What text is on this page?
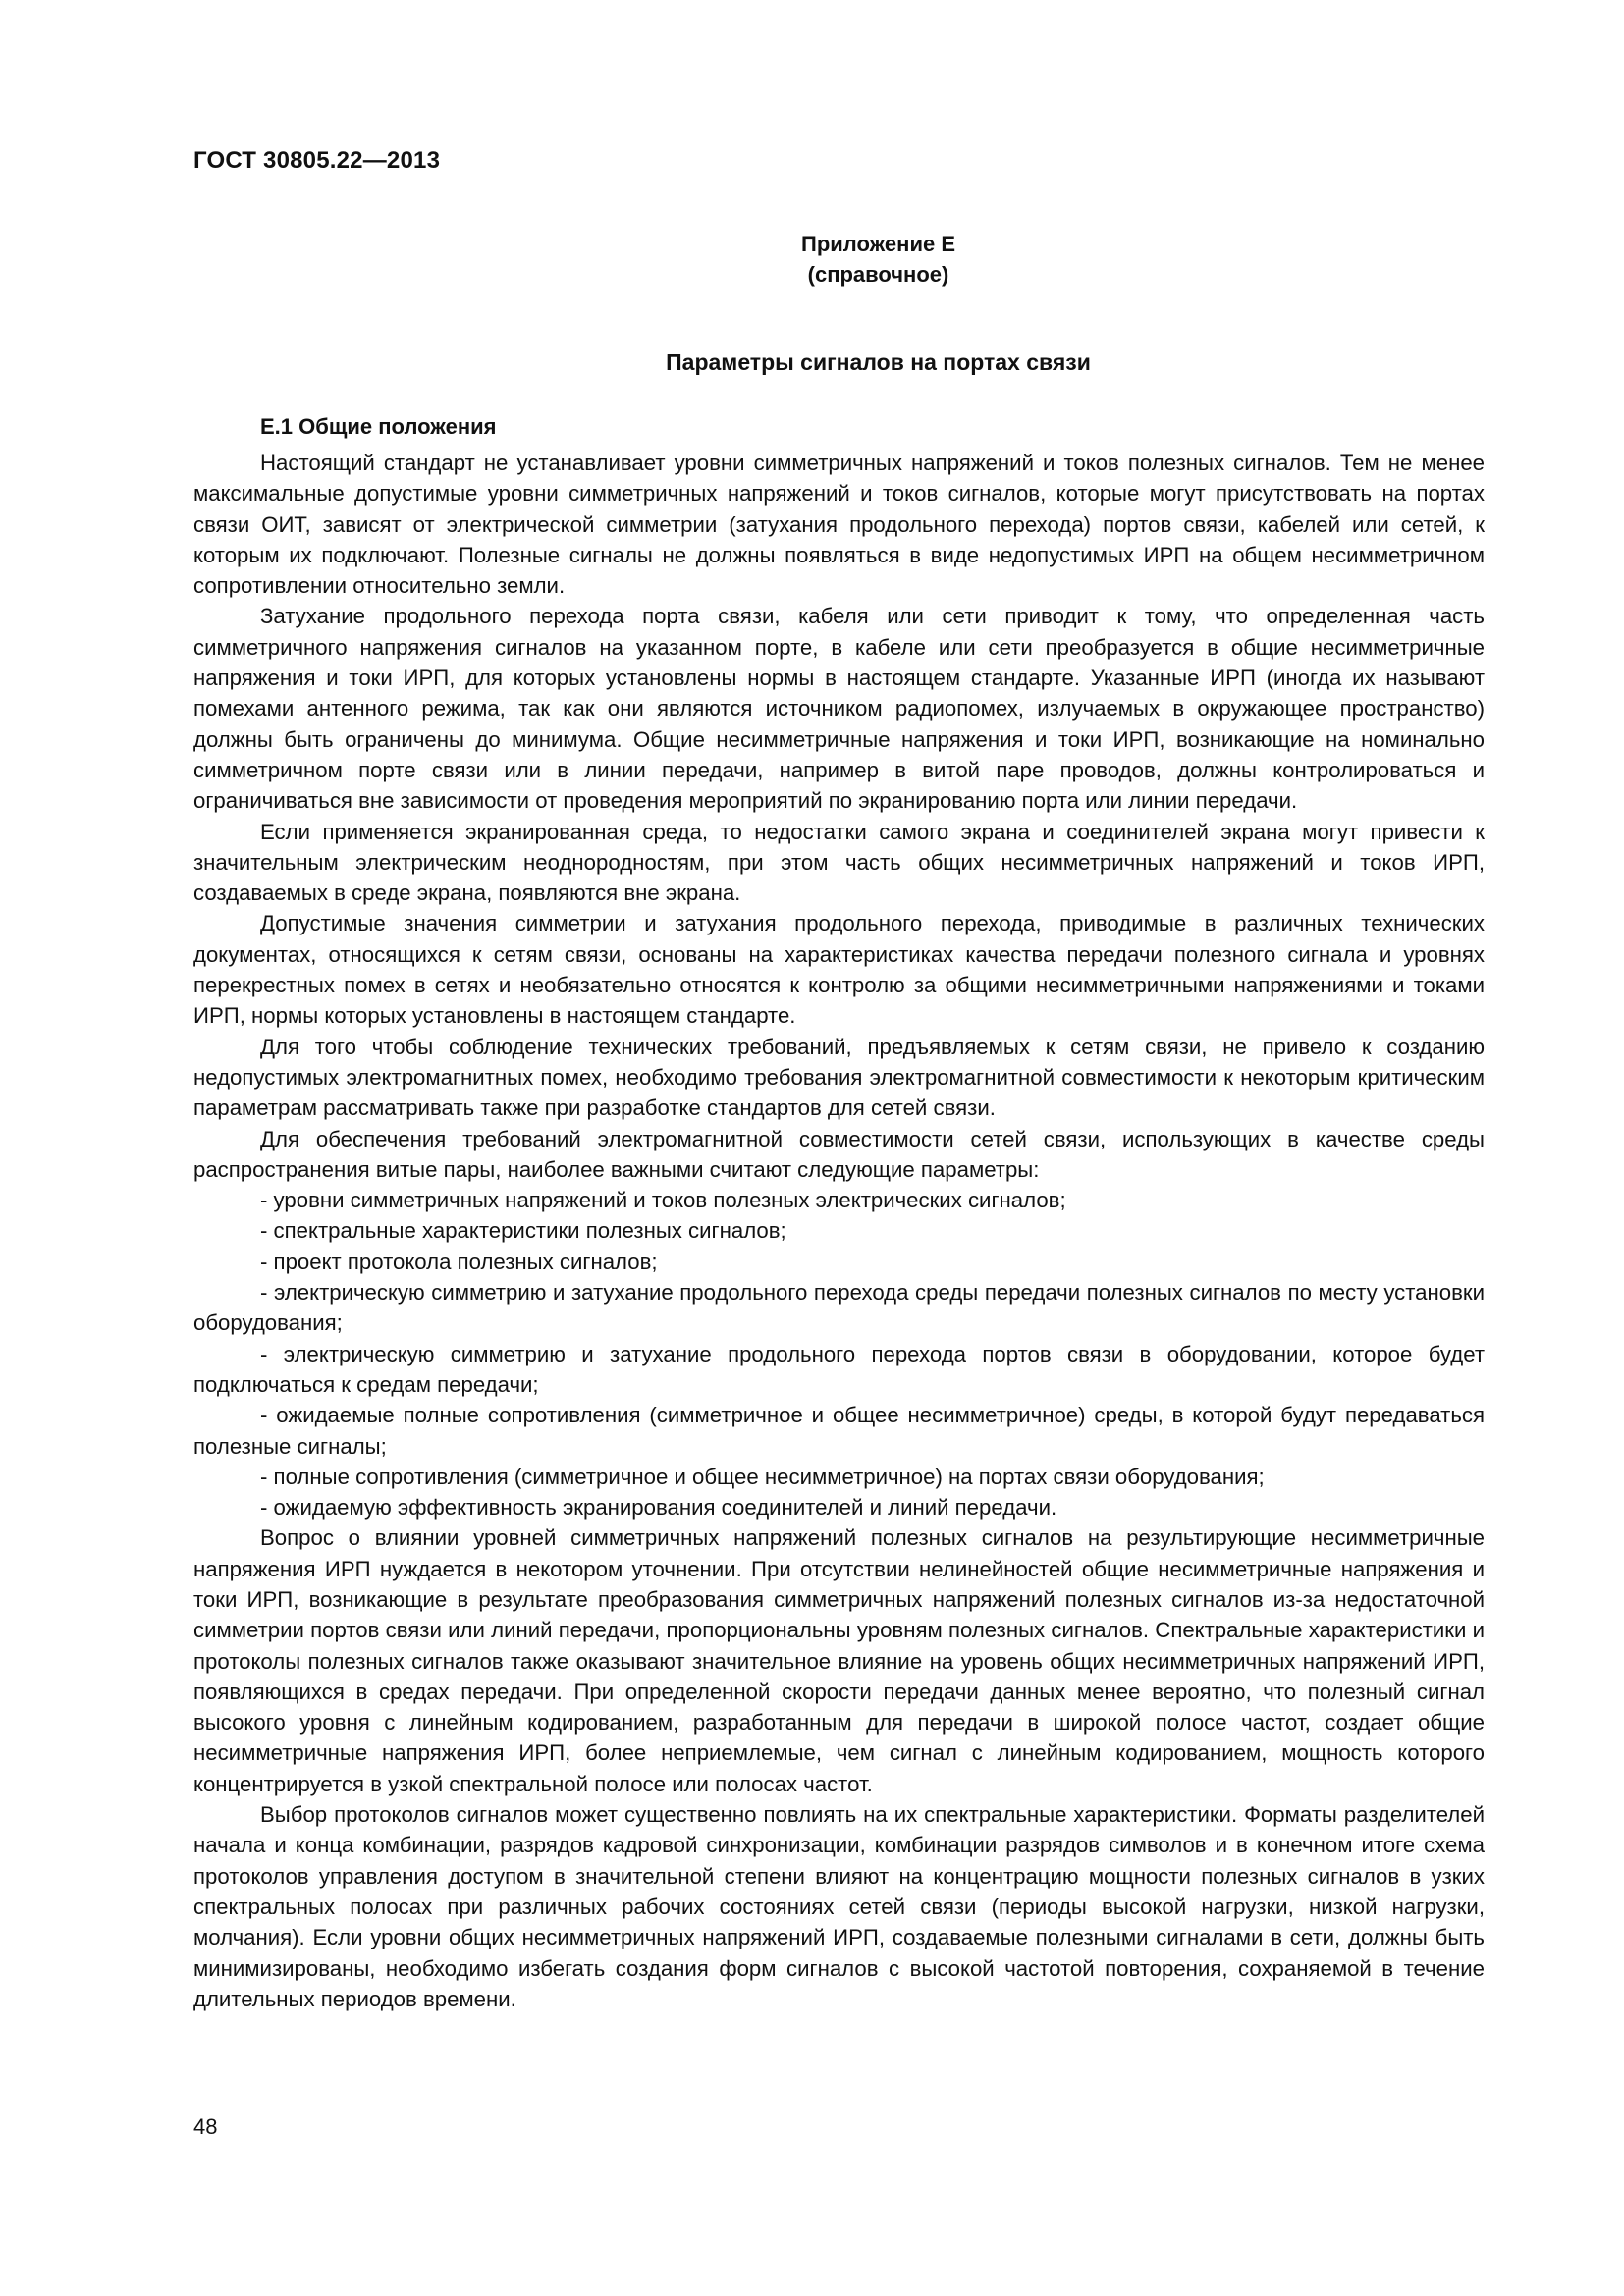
ГОСТ 30805.22—2013
Приложение Е
(справочное)
Параметры сигналов на портах связи
Е.1 Общие положения

Настоящий стандарт не устанавливает уровни симметричных напряжений и токов полезных сигналов. Тем не менее максимальные допустимые уровни симметричных напряжений и токов сигналов, которые могут присутствовать на портах связи ОИТ, зависят от электрической симметрии (затухания продольного перехода) портов связи, кабелей или сетей, к которым их подключают. Полезные сигналы не должны появляться в виде недопустимых ИРП на общем несимметричном сопротивлении относительно земли.

Затухание продольного перехода порта связи, кабеля или сети приводит к тому, что определенная часть симметричного напряжения сигналов на указанном порте, в кабеле или сети преобразуется в общие несимметричные напряжения и токи ИРП, для которых установлены нормы в настоящем стандарте. Указанные ИРП (иногда их называют помехами антенного режима, так как они являются источником радиопомех, излучаемых в окружающее пространство) должны быть ограничены до минимума. Общие несимметричные напряжения и токи ИРП, возникающие на номинально симметричном порте связи или в линии передачи, например в витой паре проводов, должны контролироваться и ограничиваться вне зависимости от проведения мероприятий по экранированию порта или линии передачи.

Если применяется экранированная среда, то недостатки самого экрана и соединителей экрана могут привести к значительным электрическим неоднородностям, при этом часть общих несимметричных напряжений и токов ИРП, создаваемых в среде экрана, появляются вне экрана.

Допустимые значения симметрии и затухания продольного перехода, приводимые в различных технических документах, относящихся к сетям связи, основаны на характеристиках качества передачи полезного сигнала и уровнях перекрестных помех в сетях и необязательно относятся к контролю за общими несимметричными напряжениями и токами ИРП, нормы которых установлены в настоящем стандарте.

Для того чтобы соблюдение технических требований, предъявляемых к сетям связи, не привело к созданию недопустимых электромагнитных помех, необходимо требования электромагнитной совместимости к некоторым критическим параметрам рассматривать также при разработке стандартов для сетей связи.

Для обеспечения требований электромагнитной совместимости сетей связи, использующих в качестве среды распространения витые пары, наиболее важными считают следующие параметры:

- уровни симметричных напряжений и токов полезных электрических сигналов;

- спектральные характеристики полезных сигналов;

- проект протокола полезных сигналов;

- электрическую симметрию и затухание продольного перехода среды передачи полезных сигналов по месту установки оборудования;

- электрическую симметрию и затухание продольного перехода портов связи в оборудовании, которое будет подключаться к средам передачи;

- ожидаемые полные сопротивления (симметричное и общее несимметричное) среды, в которой будут передаваться полезные сигналы;

- полные сопротивления (симметричное и общее несимметричное) на портах связи оборудования;

- ожидаемую эффективность экранирования соединителей и линий передачи.

Вопрос о влиянии уровней симметричных напряжений полезных сигналов на результирующие несимметричные напряжения ИРП нуждается в некотором уточнении. При отсутствии нелинейностей общие несимметричные напряжения и токи ИРП, возникающие в результате преобразования симметричных напряжений полезных сигналов из-за недостаточной симметрии портов связи или линий передачи, пропорциональны уровням полезных сигналов. Спектральные характеристики и протоколы полезных сигналов также оказывают значительное влияние на уровень общих несимметричных напряжений ИРП, появляющихся в средах передачи. При определенной скорости передачи данных менее вероятно, что полезный сигнал высокого уровня с линейным кодированием, разработанным для передачи в широкой полосе частот, создает общие несимметричные напряжения ИРП, более неприемлемые, чем сигнал с линейным кодированием, мощность которого концентрируется в узкой спектральной полосе или полосах частот.

Выбор протоколов сигналов может существенно повлиять на их спектральные характеристики. Форматы разделителей начала и конца комбинации, разрядов кадровой синхронизации, комбинации разрядов символов и в конечном итоге схема протоколов управления доступом в значительной степени влияют на концентрацию мощности полезных сигналов в узких спектральных полосах при различных рабочих состояниях сетей связи (периоды высокой нагрузки, низкой нагрузки, молчания). Если уровни общих несимметричных напряжений ИРП, создаваемые полезными сигналами в сети, должны быть минимизированы, необходимо избегать создания форм сигналов с высокой частотой повторения, сохраняемой в течение длительных периодов времени.

48
